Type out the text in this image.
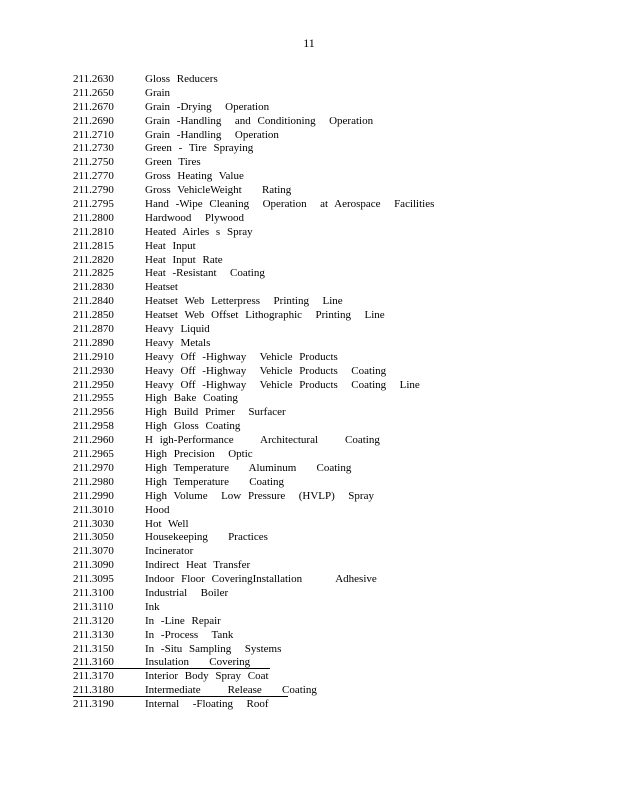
11
211.2630	Gloss Reducers
211.2650	Grain
211.2670	Grain -Drying  Operation
211.2690	Grain -Handling  and Conditioning  Operation
211.2710	Grain -Handling  Operation
211.2730	Green - Tire Spraying
211.2750	Green Tires
211.2770	Gross Heating Value
211.2790	Gross VehicleWeight   Rating
211.2795	Hand -Wipe Cleaning  Operation  at Aerospace  Facilities
211.2800	Hardwood  Plywood
211.2810	Heated Airles s Spray
211.2815	Heat Input
211.2820	Heat Input Rate
211.2825	Heat -Resistant  Coating
211.2830	Heatset
211.2840	Heatset Web Letterpress  Printing  Line
211.2850	Heatset Web Offset Lithographic  Printing  Line
211.2870	Heavy Liquid
211.2890	Heavy Metals
211.2910	Heavy Off -Highway  Vehicle Products
211.2930	Heavy Off -Highway  Vehicle Products  Coating
211.2950	Heavy Off -Highway  Vehicle Products  Coating  Line
211.2955	High Bake Coating
211.2956	High Build Primer  Surfacer
211.2958	High Gloss Coating
211.2960	H igh-Performance    Architectural    Coating
211.2965	High Precision  Optic
211.2970	High Temperature   Aluminum   Coating
211.2980	High Temperature   Coating
211.2990	High Volume  Low Pressure  (HVLP)  Spray
211.3010	Hood
211.3030	Hot Well
211.3050	Housekeeping   Practices
211.3070	Incinerator
211.3090	Indirect Heat Transfer
211.3095	Indoor Floor CoveringInstallation     Adhesive
211.3100	Industrial  Boiler
211.3110	Ink
211.3120	In -Line Repair
211.3130	In -Process  Tank
211.3150	In -Situ Sampling  Systems
211.3160	Insulation   Covering
211.3170	Interior Body Spray Coat
211.3180	Intermediate    Release   Coating
211.3190	Internal  -Floating  Roof
